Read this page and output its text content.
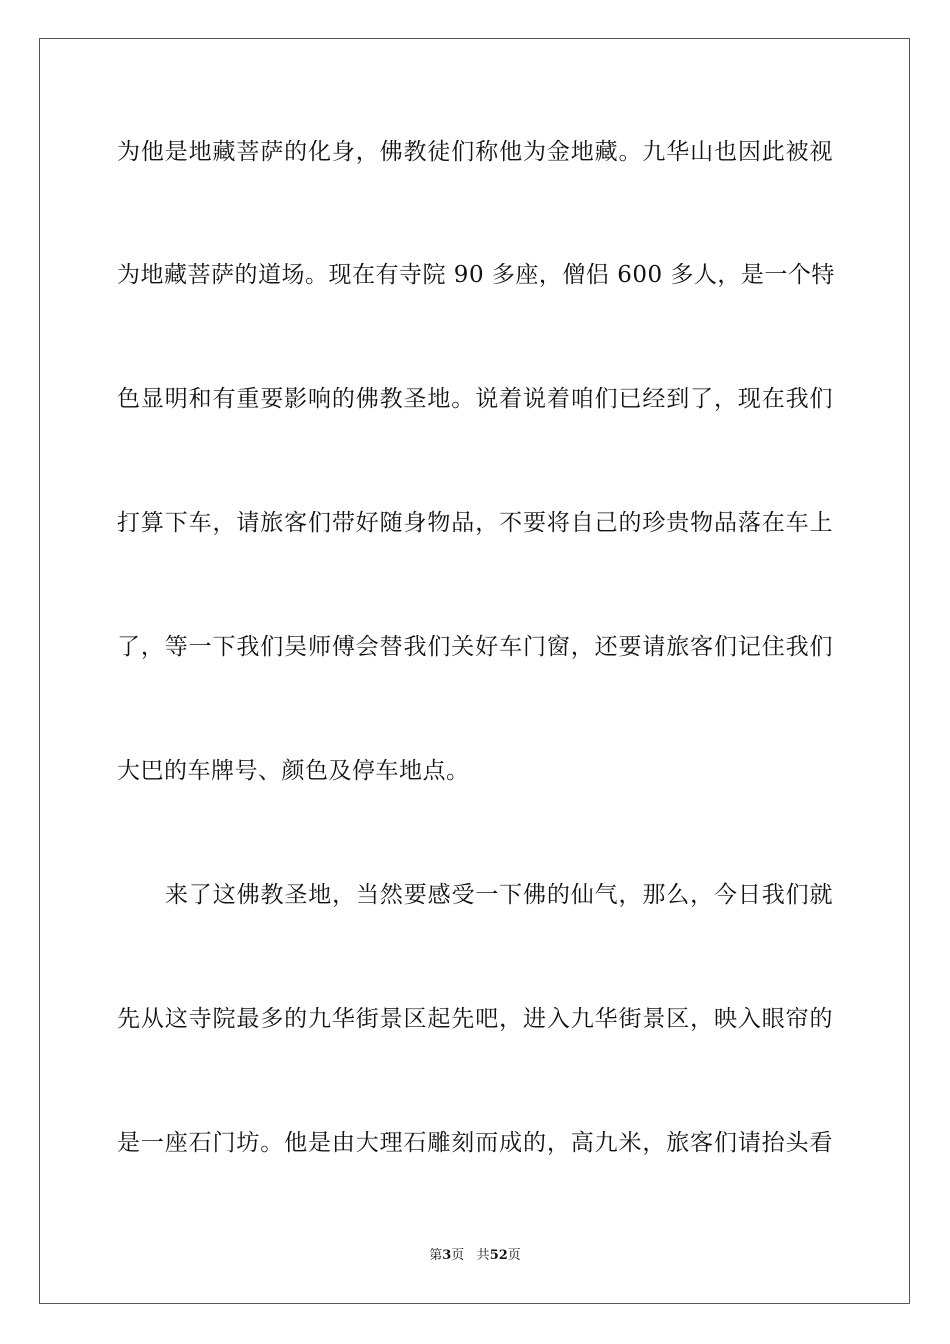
为他是地藏菩萨的化身，佛教徒们称他为金地藏。九华山也因此被视
为地藏菩萨的道场。现在有寺院 90 多座，僧侣 600 多人，是一个特
色显明和有重要影响的佛教圣地。说着说着咱们已经到了，现在我们
打算下车，请旅客们带好随身物品，不要将自己的珍贵物品落在车上
了，等一下我们吴师傅会替我们关好车门窗，还要请旅客们记住我们
大巴的车牌号、颜色及停车地点。
来了这佛教圣地，当然要感受一下佛的仙气，那么，今日我们就
先从这寺院最多的九华街景区起先吧，进入九华街景区，映入眼帘的
是一座石门坊。他是由大理石雕刻而成的，高九米，旅客们请抬头看
第3页 共52页
